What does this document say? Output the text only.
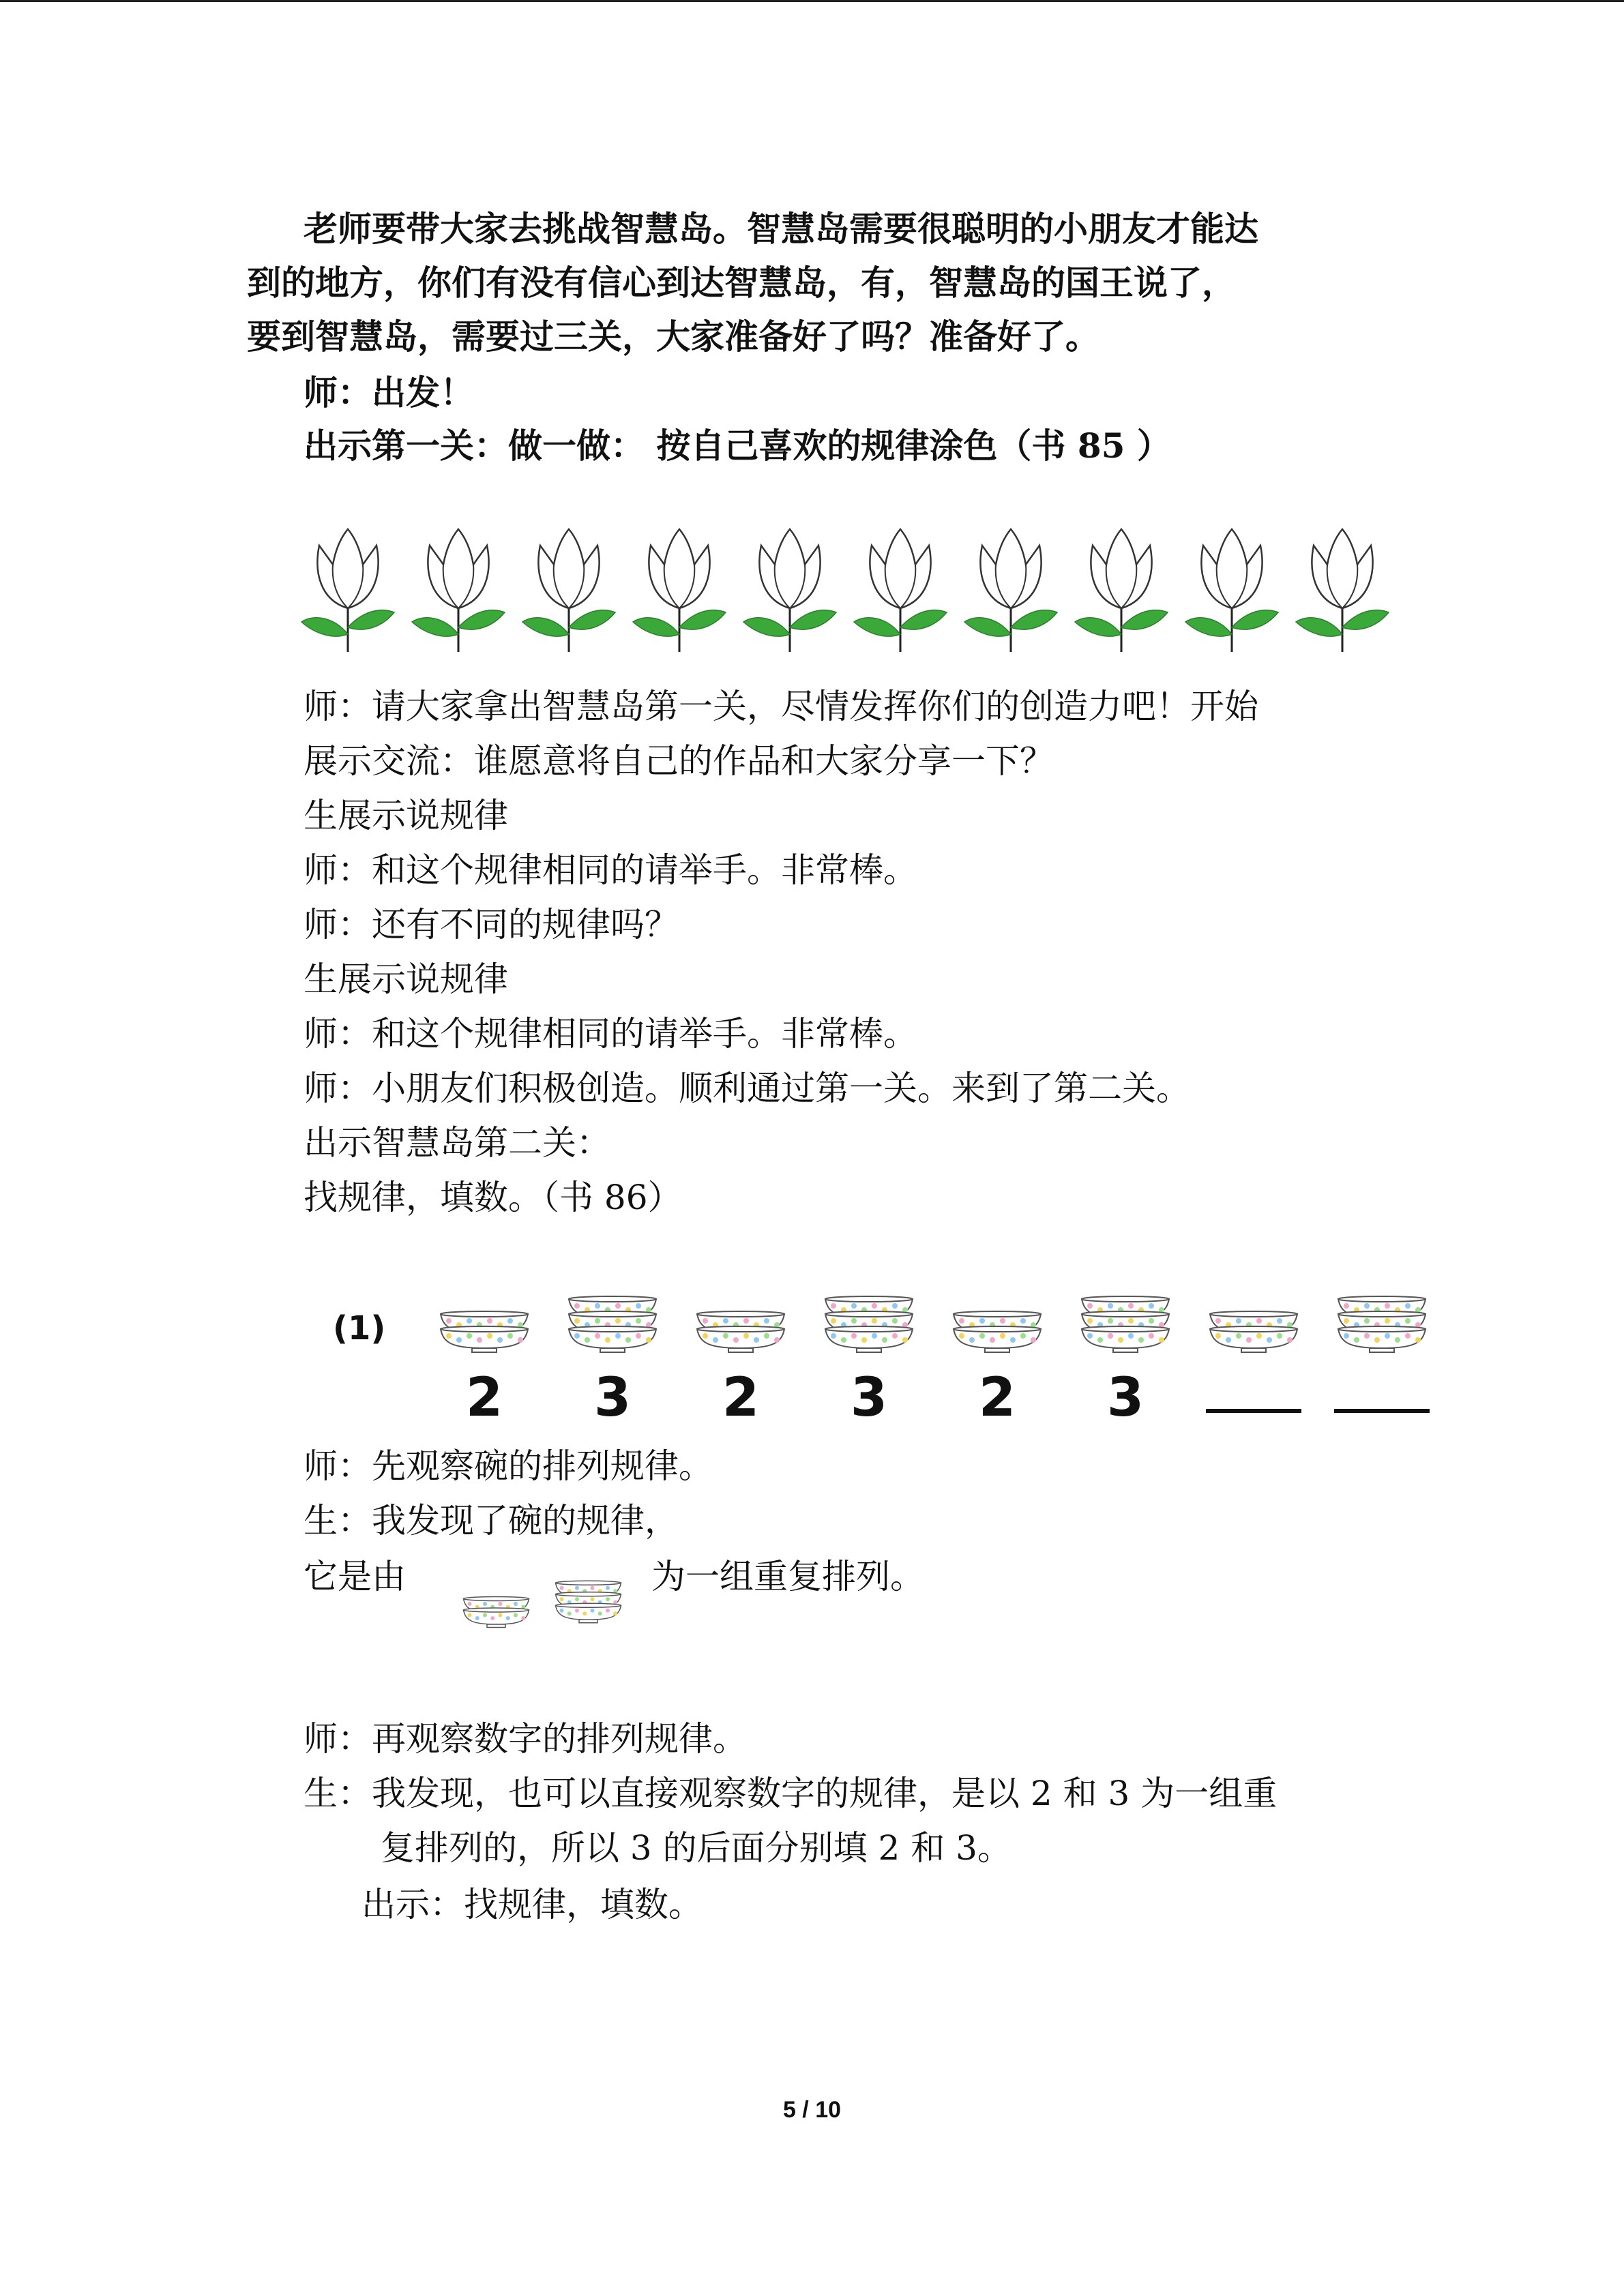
老师要带大家去挑战智慧岛。智慧岛需要很聪明的小朋友才能达
到的地方，你们有没有信心到达智慧岛，有，智慧岛的国王说了，
要到智慧岛，需要过三关，大家准备好了吗？准备好了。
师：出发！
出示第一关：做一做： 按自己喜欢的规律涂色（书 85 ）
师：请大家拿出智慧岛第一关，尽情发挥你们的创造力吧！开始
展示交流：谁愿意将自己的作品和大家分享一下？
生展示说规律
师：和这个规律相同的请举手。非常棒。
师：还有不同的规律吗？
生展示说规律
师：和这个规律相同的请举手。非常棒。
师：小朋友们积极创造。顺利通过第一关。来到了第二关。
出示智慧岛第二关：
找规律，填数。（书 86）
(1)
2	3	2	3	2	3
师：先观察碗的排列规律。
生：我发现了碗的规律，
它是由	为一组重复排列。
师：再观察数字的排列规律。
生：我发现，也可以直接观察数字的规律，是以 2 和 3 为一组重
复排列的，所以 3 的后面分别填 2 和 3。
出示：找规律，填数。
5 / 10
